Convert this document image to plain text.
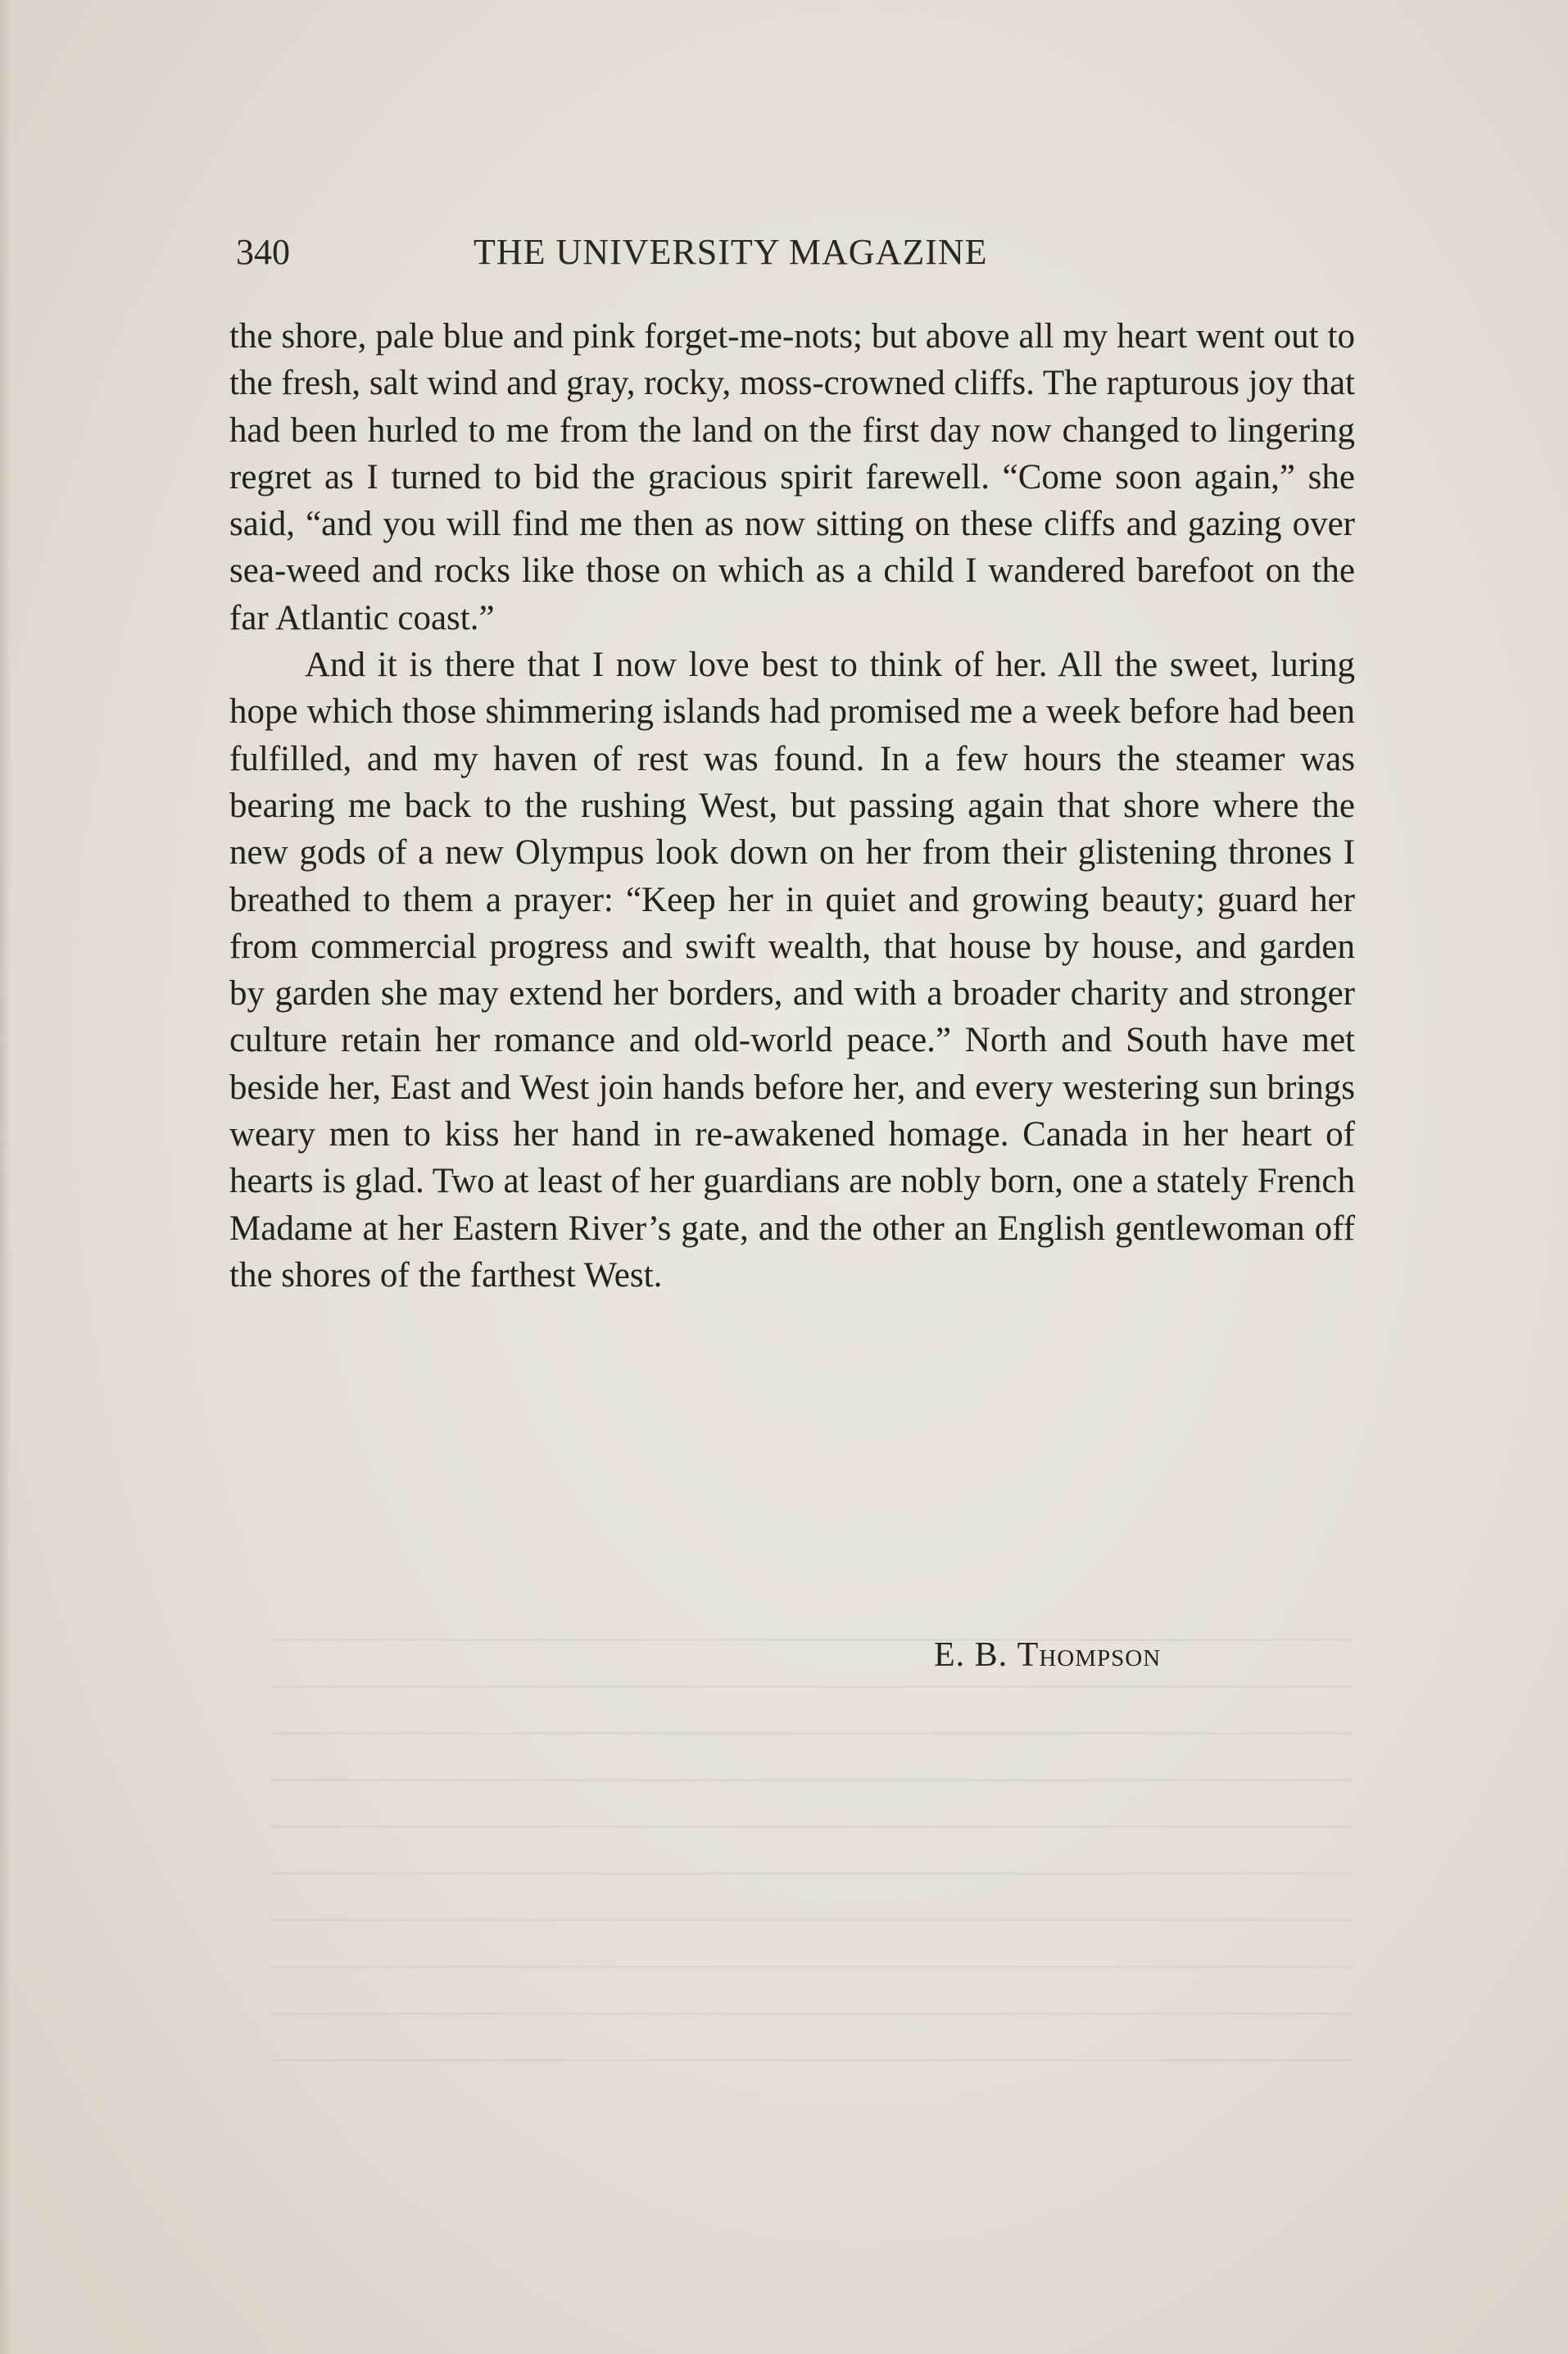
340	THE UNIVERSITY MAGAZINE

the shore, pale blue and pink forget-me-nots; but above all my heart went out to the fresh, salt wind and gray, rocky, moss-crowned cliffs. The rapturous joy that had been hurled to me from the land on the first day now changed to lingering regret as I turned to bid the gracious spirit farewell. “Come soon again,” she said, “and you will find me then as now sitting on these cliffs and gazing over sea-weed and rocks like those on which as a child I wandered barefoot on the far Atlantic coast.”

And it is there that I now love best to think of her. All the sweet, luring hope which those shimmering islands had promised me a week before had been fulfilled, and my haven of rest was found. In a few hours the steamer was bearing me back to the rushing West, but passing again that shore where the new gods of a new Olympus look down on her from their glistening thrones I breathed to them a prayer: “Keep her in quiet and growing beauty; guard her from commercial progress and swift wealth, that house by house, and garden by garden she may extend her borders, and with a broader charity and stronger culture retain her romance and old-world peace.” North and South have met beside her, East and West join hands before her, and every westering sun brings weary men to kiss her hand in re-awakened homage. Canada in her heart of hearts is glad. Two at least of her guardians are nobly born, one a stately French Madame at her Eastern River’s gate, and the other an English gentlewoman off the shores of the farthest West.

E. B. Thompson
